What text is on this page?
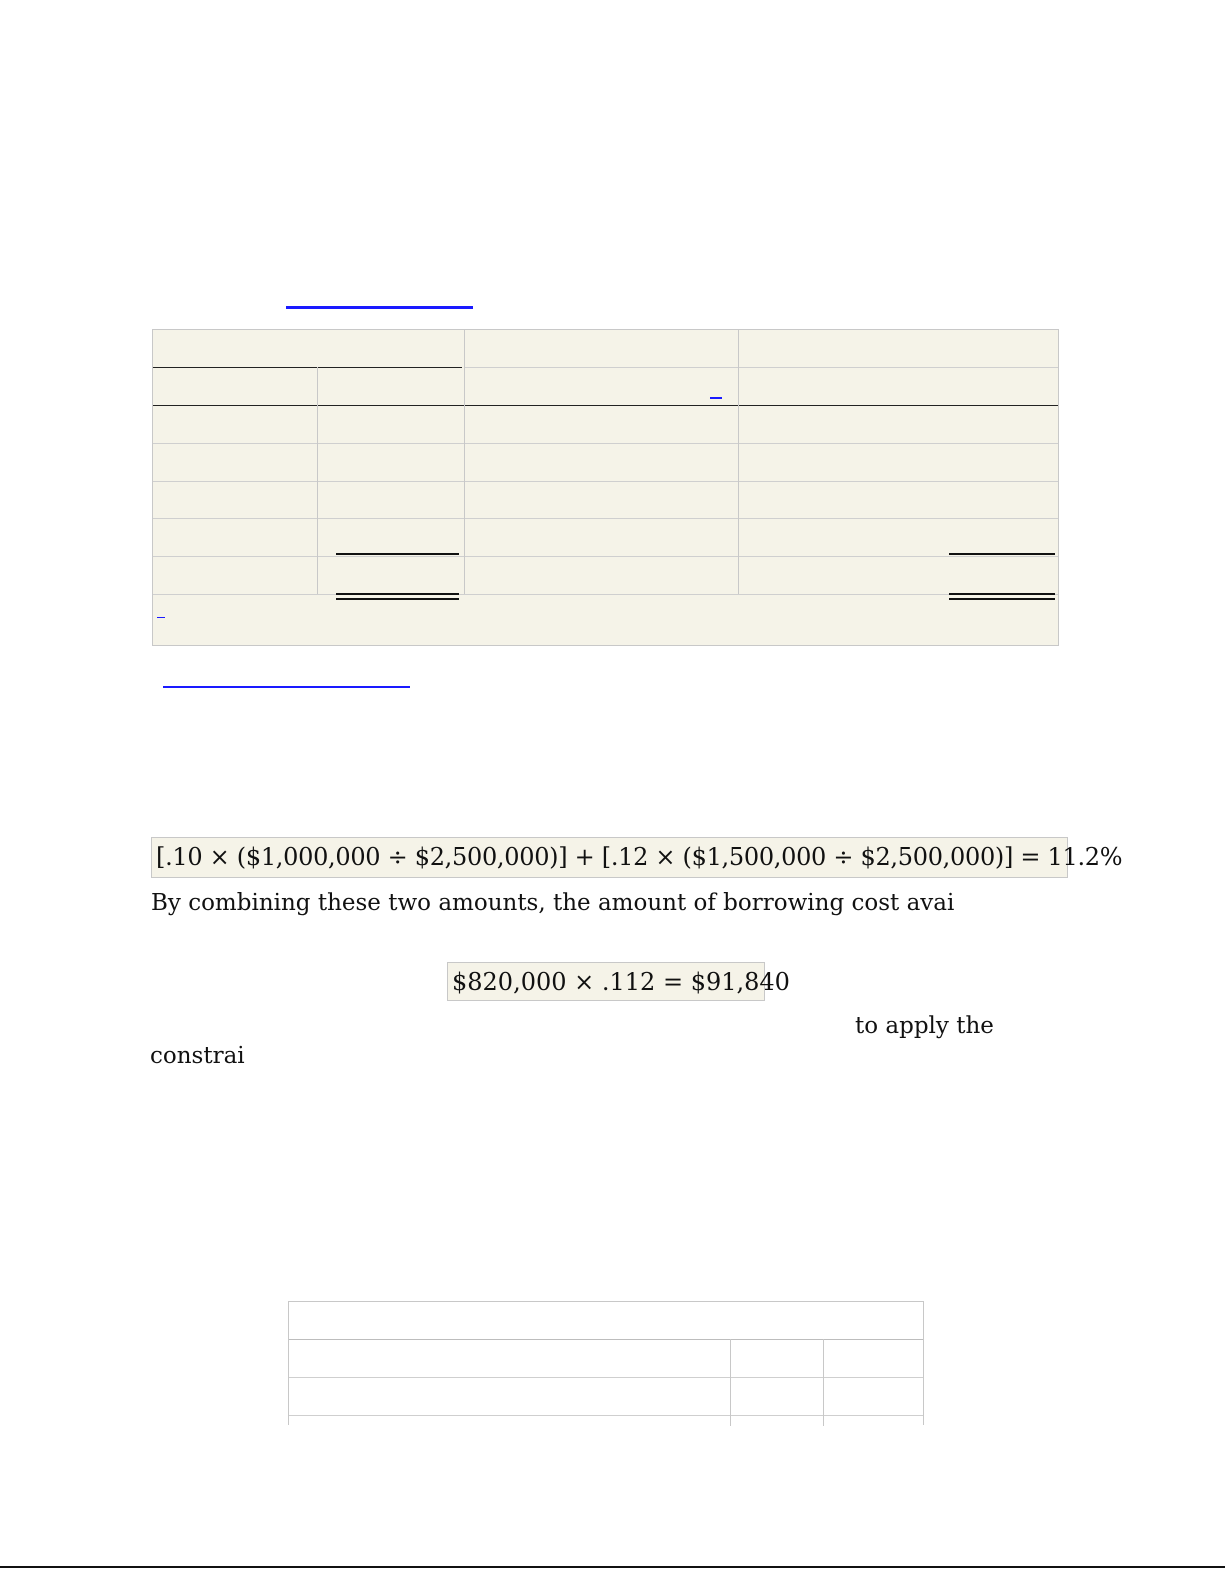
[.10 × ($1,000,000 ÷ $2,500,000)] + [.12 × ($1,500,000 ÷ $2,500,000)] = 11.2%
By combining these two amounts, the amount of borrowing cost avai
$820,000 × .112 = $91,840
to apply the
constrai
